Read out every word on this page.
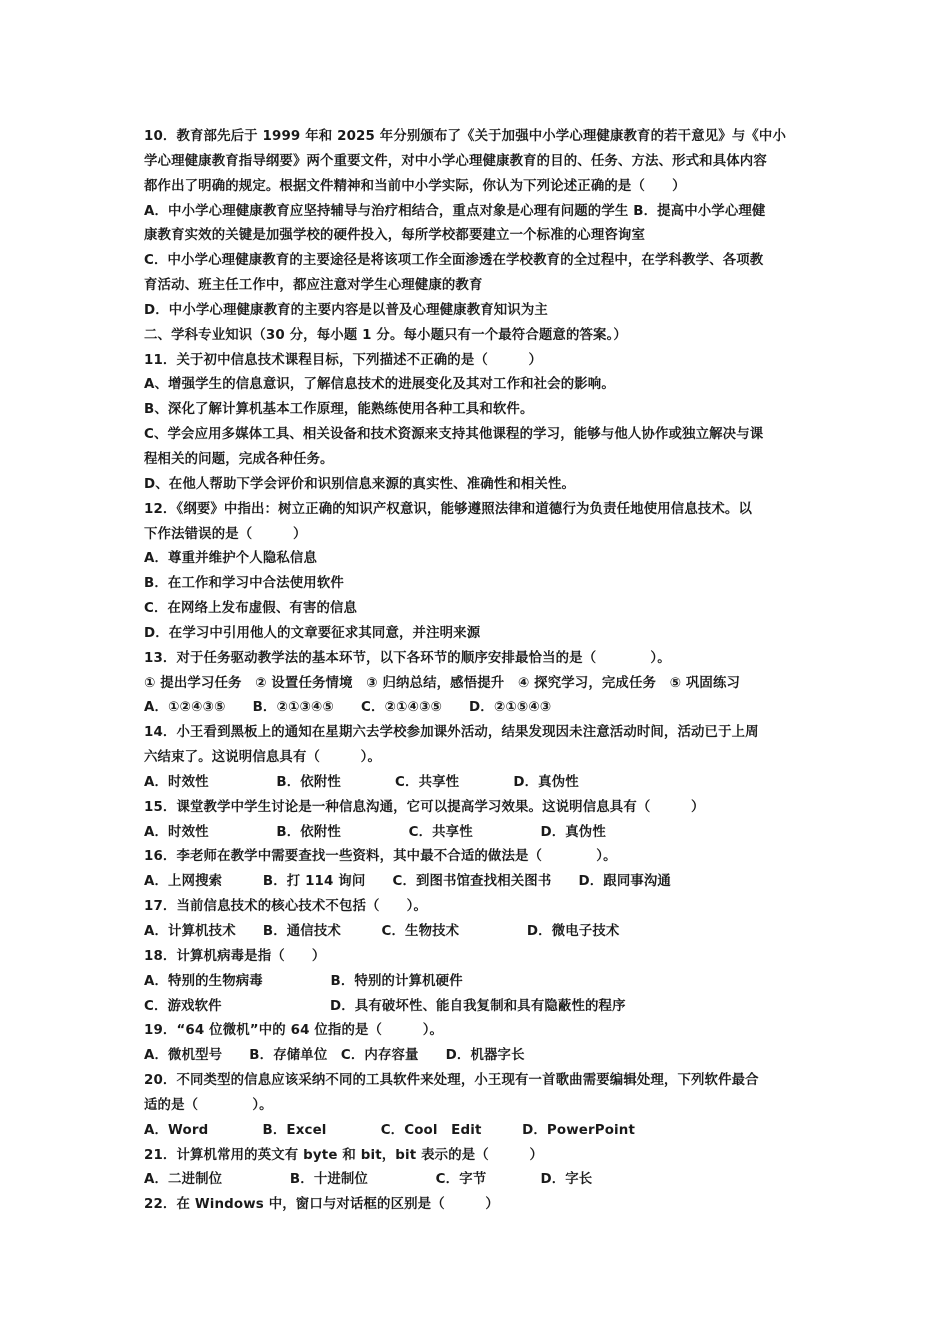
10．教育部先后于 1999 年和 2025 年分别颁布了《关于加强中小学心理健康教育的若干意见》与《中小
学心理健康教育指导纲要》两个重要文件，对中小学心理健康教育的目的、任务、方法、形式和具体内容
都作出了明确的规定。根据文件精神和当前中小学实际，你认为下列论述正确的是（　　）
A．中小学心理健康教育应坚持辅导与治疗相结合，重点对象是心理有问题的学生 B．提高中小学心理健
康教育实效的关键是加强学校的硬件投入，每所学校都要建立一个标准的心理咨询室
C．中小学心理健康教育的主要途径是将该项工作全面渗透在学校教育的全过程中，在学科教学、各项教
育活动、班主任工作中，都应注意对学生心理健康的教育
D．中小学心理健康教育的主要内容是以普及心理健康教育知识为主
二、学科专业知识（30 分，每小题 1 分。每小题只有一个最符合题意的答案。）
11．关于初中信息技术课程目标，下列描述不正确的是（　　　）
A、增强学生的信息意识，了解信息技术的进展变化及其对工作和社会的影响。
B、深化了解计算机基本工作原理，能熟练使用各种工具和软件。
C、学会应用多媒体工具、相关设备和技术资源来支持其他课程的学习，能够与他人协作或独立解决与课
程相关的问题，完成各种任务。
D、在他人帮助下学会评价和识别信息来源的真实性、准确性和相关性。
12．《纲要》中指出：树立正确的知识产权意识，能够遵照法律和道德行为负责任地使用信息技术。以
下作法错误的是（　　　）
A．尊重并维护个人隐私信息
B．在工作和学习中合法使用软件
C．在网络上发布虚假、有害的信息
D．在学习中引用他人的文章要征求其同意，并注明来源
13．对于任务驱动教学法的基本环节，以下各环节的顺序安排最恰当的是（　　　　）。
① 提出学习任务　② 设置任务情境　③ 归纳总结，感悟提升　④ 探究学习，完成任务　⑤ 巩固练习
A．①②④③⑤　　B．②①③④⑤　　C．②①④③⑤　　D．②①⑤④③
14．小王看到黑板上的通知在星期六去学校参加课外活动，结果发现因未注意活动时间，活动已于上周
六结束了。这说明信息具有（　　　）。
A．时效性　　　　　B．依附性　　　　C．共享性　　　　D．真伪性
15．课堂教学中学生讨论是一种信息沟通，它可以提高学习效果。这说明信息具有（　　　）
A．时效性　　　　　B．依附性　　　　　C．共享性　　　　　D．真伪性
16．李老师在教学中需要查找一些资料，其中最不合适的做法是（　　　　）。
A．上网搜索　　　B．打 114 询问　　C．到图书馆查找相关图书　　D．跟同事沟通
17．当前信息技术的核心技术不包括（　　）。
A．计算机技术　　B．通信技术　　　C．生物技术　　　　　D．微电子技术
18．计算机病毒是指（　　）
A．特别的生物病毒　　　　　B．特别的计算机硬件
C．游戏软件　　　　　　　　D．具有破坏性、能自我复制和具有隐蔽性的程序
19．“64 位微机”中的 64 位指的是（　　　）。
A．微机型号　　B．存储单位　C．内存容量　　D．机器字长
20．不同类型的信息应该采纳不同的工具软件来处理，小王现有一首歌曲需要编辑处理，下列软件最合
适的是（　　　　）。
A．Word　　　　B．Excel　　　　C．Cool　Edit　　　D．PowerPoint
21．计算机常用的英文有 byte 和 bit，bit 表示的是（　　　）
A．二进制位　　　　　B．十进制位　　　　　C．字节　　　　D．字长
22．在 Windows 中，窗口与对话框的区别是（　　　）
